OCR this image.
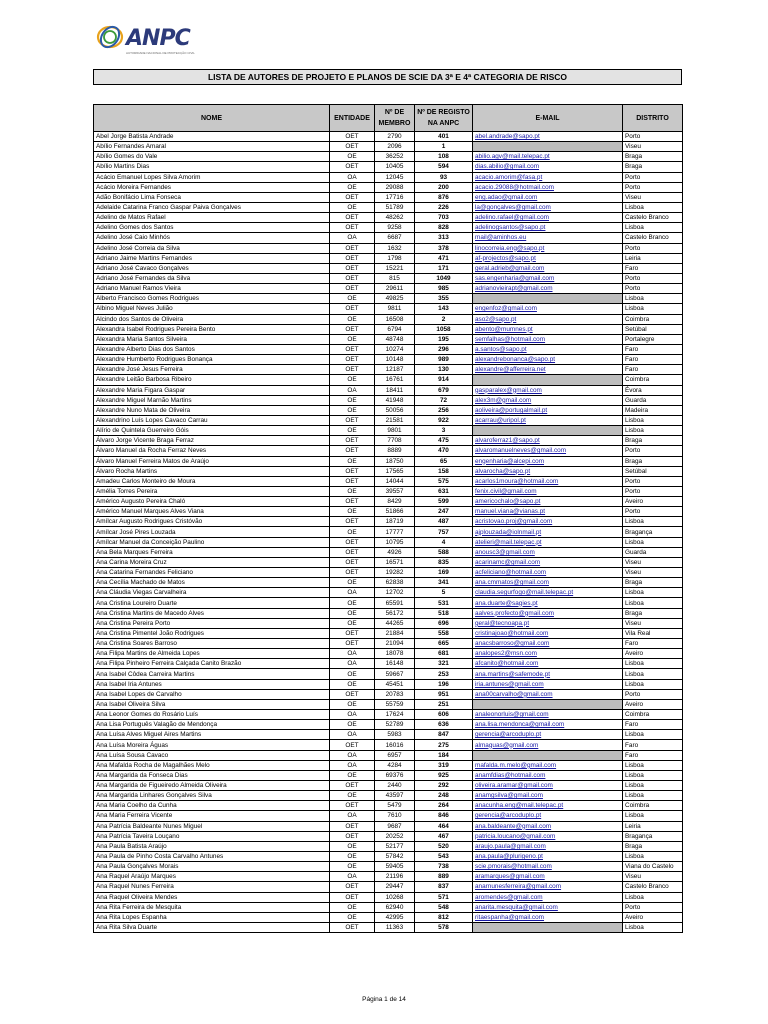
ANPC
AUTORIDADE NACIONAL DE PROTECÇÃO CIVIL
LISTA DE AUTORES DE PROJETO E PLANOS DE SCIE DA 3ª E 4ª CATEGORIA DE RISCO
NOME	ENTIDADE	Nº DE MEMBRO	Nº DE REGISTO NA ANPC	E-MAIL	DISTRITO
Abel Jorge Batista Andrade	OET	2790	401	abel.andrade@sapo.pt	Porto
Abílio Fernandes Amaral	OET	2096	1		Viseu
Abílio Gomes do Vale	OE	36252	108	abilio.agv@mail.telepac.pt	Braga
Abílio Martins Dias	OET	10405	594	dias.abilio@gmail.com	Braga
Acácio Emanuel Lopes Silva Amorim	OA	12045	93	acacio.amorim@fasa.pt	Porto
Acácio Moreira Fernandes	OE	29088	200	acacio.29088@hotmail.com	Porto
Adão Bonifácio Lima Fonseca	OET	17716	876	eng.adao@gmail.com	Viseu
Adelaide Catarina Franco Gaspar Paiva Gonçalves	OE	51789	226	la@gonçalves@gmail.com	Lisboa
Adelino de Matos Rafael	OET	48262	703	adelino.rafael@gmail.com	Castelo Branco
Adelino Gomes dos Santos	OET	9258	828	adelinogsantos@sapo.pt	Lisboa
Adelino José Caio Minhós	OA	6687	313	mail@aminhos.eu	Castelo Branco
Adelino José Correia da Silva	OET	1632	378	linocorreia.eng@sapo.pt	Porto
Adriano Jaime Martins Fernandes	OET	1798	471	af-projectos@sapo.pt	Leiria
Adriano José Cavaco Gonçalves	OET	15221	171	geral.adrieb@gmail.com	Faro
Adriano José Fernandes da Silva	OET	815	1049	sas.engenharia@gmail.com	Porto
Adriano Manuel Ramos Vieira	OET	29611	985	adrianovieirapt@gmail.com	Porto
Alberto Francisco Gomes Rodrigues	OE	49825	355		Lisboa
Albino Miguel Neves Julião	OET	9811	143	engenfoz@gmail.com	Lisboa
Alcindo dos Santos de Oliveira	OE	16508	2	aso2@sapo.pt	Coimbra
Alexandra Isabel Rodrigues Pereira Bento	OET	6794	1058	abento@mumnes.pt	Setúbal
Alexandra Maria Santos Silveira	OE	48748	195	semfalhas@hotmail.com	Portalegre
Alexandre Alberto Dias dos Santos	OET	10274	296	a.santos@sapo.pt	Faro
Alexandre Humberto Rodrigues Bonança	OET	10148	989	alexandrebonanca@sapo.pt	Faro
Alexandre José Jesus Ferreira	OET	12187	130	alexandre@afferreira.net	Faro
Alexandre Leitão Barbosa Ribeiro	OE	16761	914		Coimbra
Alexandre Maria Figara Gaspar	OA	18411	679	gasparalex@gmail.com	Évora
Alexandre Miguel Marnão Martins	OE	41948	72	alex3m@gmail.com	Guarda
Alexandre Nuno Mata de Oliveira	OE	50056	256	aoliveira@portugalmail.pt	Madeira
Alexandrino Luís Lopes Cavaco Carrau	OET	21581	922	acarrau@uripol.pt	Lisboa
Alírio de Quintela Guerreiro Góis	OE	9801	3		Lisboa
Álvaro Jorge Vicente Braga Ferraz	OET	7708	475	alvaroferraz1@sapo.pt	Braga
Álvaro Manuel da Rocha Ferraz Neves	OET	8889	470	alvaromanuelneves@gmail.com	Porto
Álvaro Manuel Ferreira Matos de Araújo	OE	18750	65	engenharia@alcepi.com	Braga
Álvaro Rocha Martins	OET	17565	158	alvarocha@sapo.pt	Setúbal
Amadeu Carlos Monteiro de Moura	OET	14044	575	acarlos1moura@hotmail.com	Porto
Amélia Torres Pereira	OE	39557	631	fenix.civil@gmail.com	Porto
Américo Augusto Pereira Chaló	OET	8429	599	americochalo@sapo.pt	Aveiro
Américo Manuel Marques Alves Viana	OE	51866	247	manuel.viana@vianas.pt	Porto
Amílcar Augusto Rodrigues Cristóvão	OET	18719	487	acristovao.proj@gmail.com	Lisboa
Amílcar José Pires Louzada	OE	17777	757	ajplouzada@iolnmail.pt	Bragança
Amílcar Manuel da Conceição Paulino	OET	10795	4	atelieri@mail.telepac.pt	Lisboa
Ana Bela Marques Ferreira	OET	4926	588	anousc3@gmail.com	Guarda
Ana Carina Moreira Cruz	OET	16571	835	acarinamc@gmail.com	Viseu
Ana Catarina Fernandes Feliciano	OET	19282	169	acfeliciano@hotmail.com	Viseu
Ana Cecília Machado de Matos	OE	62838	341	ana.cmmatos@gmail.com	Braga
Ana Cláudia Viegas Carvalheira	OA	12702	5	claudia.segurfogo@mail.telepac.pt	Lisboa
Ana Cristina Loureiro Duarte	OE	65591	531	ana.duarte@sagies.pt	Lisboa
Ana Cristina Martins de Macedo Alves	OE	56172	518	aalves.profecto@gmail.com	Braga
Ana Cristina Pereira Porto	OE	44265	696	geral@tecnoapa.pt	Viseu
Ana Cristina Pimentel João Rodrigues	OET	21884	558	cristinajoao@hotmail.com	Vila Real
Ana Cristina Soares Barroso	OET	21094	665	anacsbarroso@gmail.com	Faro
Ana Filipa Martins de Almeida Lopes	OA	18078	681	analopes2@msn.com	Aveiro
Ana Filipa Pinheiro Ferreira Calçada Canito Brazão	OA	16148	321	afcanito@hotmail.com	Lisboa
Ana Isabel Côdea Carreira Martins	OE	59667	253	ana.martins@safemode.pt	Lisboa
Ana Isabel Iria Antunes	OE	45451	196	iria.antunes@gmail.com	Lisboa
Ana Isabel Lopes de Carvalho	OET	20783	951	ana00carvalho@gmail.com	Porto
Ana Isabel Oliveira Silva	OE	55759	251		Aveiro
Ana Leonor Gomes do Rosário Luís	OA	17624	606	analeonorluis@gmail.com	Coimbra
Ana Lisa Português Valagão de Mendonça	OE	52789	636	ana.lisa.mendonca@gmail.com	Faro
Ana Luísa Alves Miguel Aires Martins	OA	5983	847	gerencia@arcoduplo.pt	Lisboa
Ana Luísa Moreira Águas	OET	16016	275	almaguas@gmail.com	Faro
Ana Luísa Sousa Cavaco	OA	6957	184		Faro
Ana Mafalda Rocha de Magalhães Melo	OA	4284	319	mafalda.m.melo@gmail.com	Lisboa
Ana Margarida da Fonseca Dias	OE	69376	925	anamfdias@hotmail.com	Lisboa
Ana Margarida de Figueiredo Almeida Oliveira	OET	2440	292	oliveira.aramar@gmail.com	Lisboa
Ana Margarida Linhares Gonçalves Silva	OE	43597	248	anamgsilva@gmail.com	Lisboa
Ana Maria Coelho da Cunha	OET	5479	264	anacunha.eng@mail.telepac.pt	Coimbra
Ana Maria Ferreira Vicente	OA	7610	846	gerencia@arcoduplo.pt	Lisboa
Ana Patrícia Baldeante Nunes Miguel	OET	9687	464	ana.baldeante@gmail.com	Leiria
Ana Patrícia Taveira Louçano	OET	20252	467	patricia.loucano@gmail.com	Bragança
Ana Paula Batista Araújo	OE	52177	520	araujo.paula@gmail.com	Braga
Ana Paula de Pinho Costa Carvalho Antunes	OE	57842	543	ana.paula@plurigeno.pt	Lisboa
Ana Paula Gonçalves Morais	OE	59405	738	scie.pmorais@hotmail.com	Viana do Castelo
Ana Raquel Araújo Marques	OA	21196	889	aramarques@gmail.com	Viseu
Ana Raquel Nunes Ferreira	OET	29447	837	anarnunesferreira@gmail.com	Castelo Branco
Ana Raquel Oliveira Mendes	OET	10268	571	aromendes@gmail.com	Lisboa
Ana Rita Ferreira de Mesquita	OE	62940	548	anarita.mesquita@gmail.com	Porto
Ana Rita Lopes Espanha	OE	42995	812	ritaespanha@gmail.com	Aveiro
Ana Rita Silva Duarte	OET	11363	578		Lisboa
Página 1 de 14
